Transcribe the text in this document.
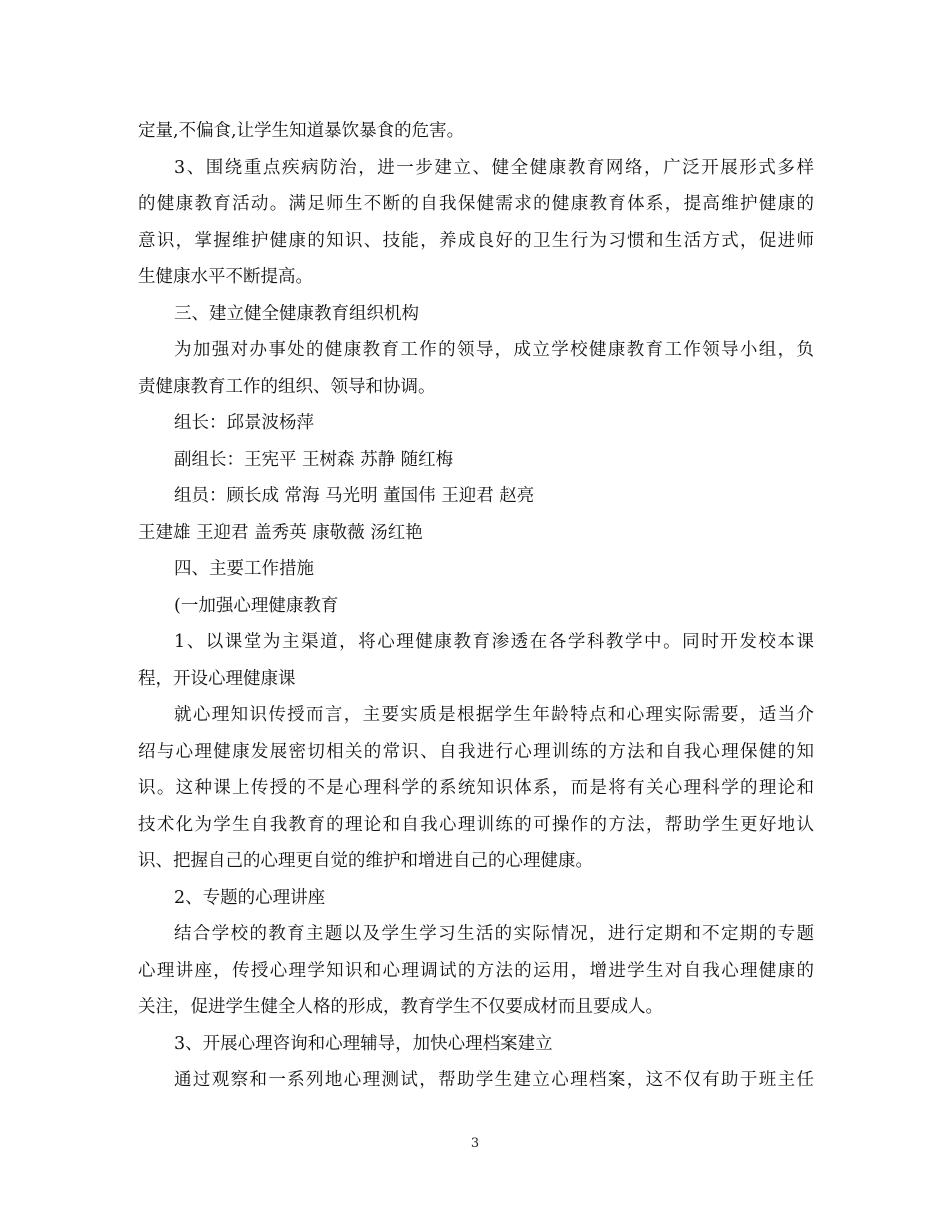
定量,不偏食,让学生知道暴饮暴食的危害。
3、围绕重点疾病防治，进一步建立、健全健康教育网络，广泛开展形式多样
的健康教育活动。满足师生不断的自我保健需求的健康教育体系，提高维护健康的
意识，掌握维护健康的知识、技能，养成良好的卫生行为习惯和生活方式，促进师
生健康水平不断提高。
三、建立健全健康教育组织机构
为加强对办事处的健康教育工作的领导，成立学校健康教育工作领导小组，负
责健康教育工作的组织、领导和协调。
组长：邱景波杨萍
副组长：王宪平 王树森 苏静 随红梅
组员：顾长成 常海 马光明 董国伟 王迎君 赵亮
王建雄 王迎君 盖秀英 康敬薇 汤红艳
四、主要工作措施
(一加强心理健康教育
1、以课堂为主渠道，将心理健康教育渗透在各学科教学中。同时开发校本课
程，开设心理健康课
就心理知识传授而言，主要实质是根据学生年龄特点和心理实际需要，适当介
绍与心理健康发展密切相关的常识、自我进行心理训练的方法和自我心理保健的知
识。这种课上传授的不是心理科学的系统知识体系，而是将有关心理科学的理论和
技术化为学生自我教育的理论和自我心理训练的可操作的方法，帮助学生更好地认
识、把握自己的心理更自觉的维护和增进自己的心理健康。
2、专题的心理讲座
结合学校的教育主题以及学生学习生活的实际情况，进行定期和不定期的专题
心理讲座，传授心理学知识和心理调试的方法的运用，增进学生对自我心理健康的
关注，促进学生健全人格的形成，教育学生不仅要成材而且要成人。
3、开展心理咨询和心理辅导，加快心理档案建立
通过观察和一系列地心理测试，帮助学生建立心理档案，这不仅有助于班主任
3
